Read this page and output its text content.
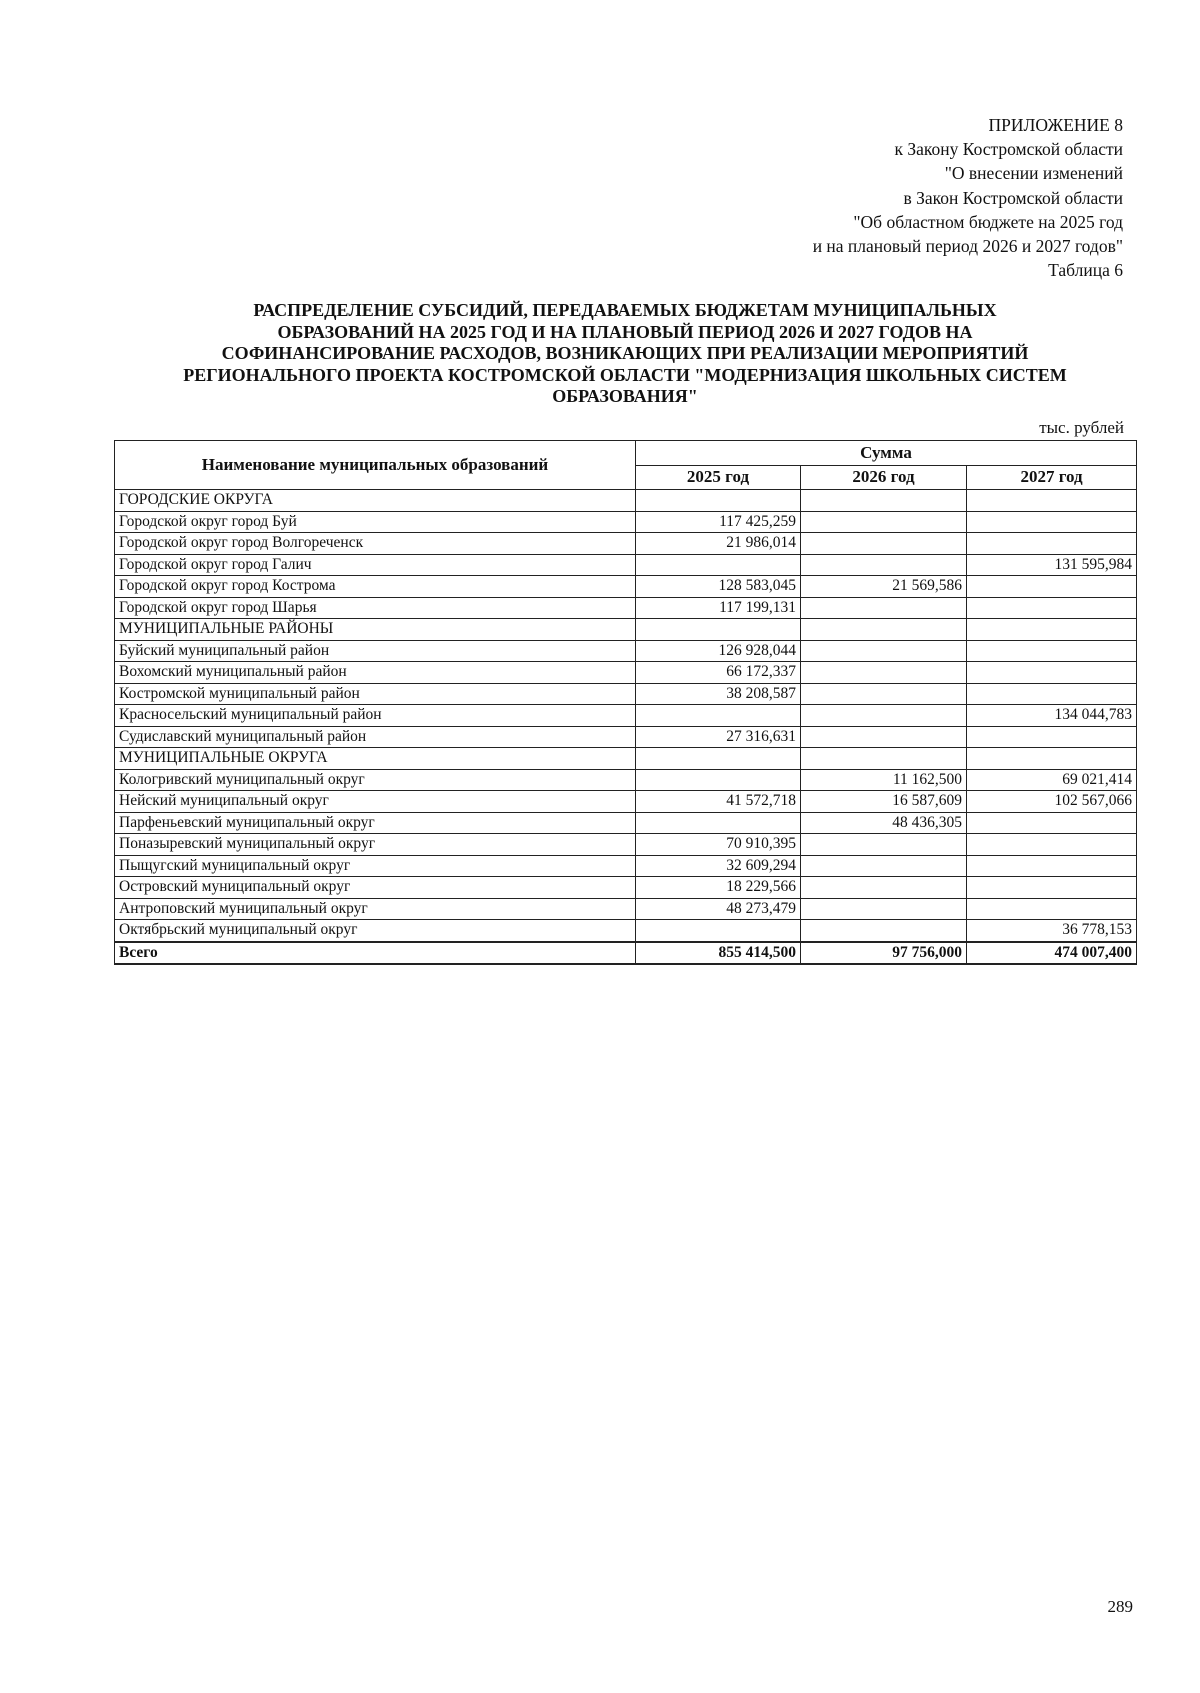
ПРИЛОЖЕНИЕ 8
к Закону Костромской области
"О внесении изменений
в Закон Костромской области
"Об областном бюджете на 2025 год
и на плановый период 2026 и 2027 годов"
Таблица 6
РАСПРЕДЕЛЕНИЕ СУБСИДИЙ, ПЕРЕДАВАЕМЫХ БЮДЖЕТАМ МУНИЦИПАЛЬНЫХ
ОБРАЗОВАНИЙ НА 2025 ГОД И НА ПЛАНОВЫЙ ПЕРИОД 2026 И 2027 ГОДОВ НА
СОФИНАНСИРОВАНИЕ РАСХОДОВ, ВОЗНИКАЮЩИХ ПРИ РЕАЛИЗАЦИИ МЕРОПРИЯТИЙ
РЕГИОНАЛЬНОГО ПРОЕКТА КОСТРОМСКОЙ ОБЛАСТИ "МОДЕРНИЗАЦИЯ ШКОЛЬНЫХ СИСТЕМ
ОБРАЗОВАНИЯ"
тыс. рублей
Наименование муниципальных образований	Сумма		
	2025 год	2026 год	2027 год
ГОРОДСКИЕ ОКРУГА			
Городской округ город Буй	117 425,259		
Городской округ город Волгореченск	21 986,014		
Городской округ город Галич			131 595,984
Городской округ город Кострома	128 583,045	21 569,586	
Городской округ город Шарья	117 199,131		
МУНИЦИПАЛЬНЫЕ РАЙОНЫ			
Буйский муниципальный район	126 928,044		
Вохомский муниципальный район	66 172,337		
Костромской муниципальный район	38 208,587		
Красносельский муниципальный район			134 044,783
Судиславский муниципальный район	27 316,631		
МУНИЦИПАЛЬНЫЕ ОКРУГА			
Кологривский муниципальный округ		11 162,500	69 021,414
Нейский муниципальный округ	41 572,718	16 587,609	102 567,066
Парфеньевский муниципальный округ		48 436,305	
Поназыревский муниципальный округ	70 910,395		
Пыщугский муниципальный округ	32 609,294		
Островский муниципальный округ	18 229,566		
Антроповский муниципальный округ	48 273,479		
Октябрьский муниципальный округ			36 778,153
Всего	855 414,500	97 756,000	474 007,400
289
